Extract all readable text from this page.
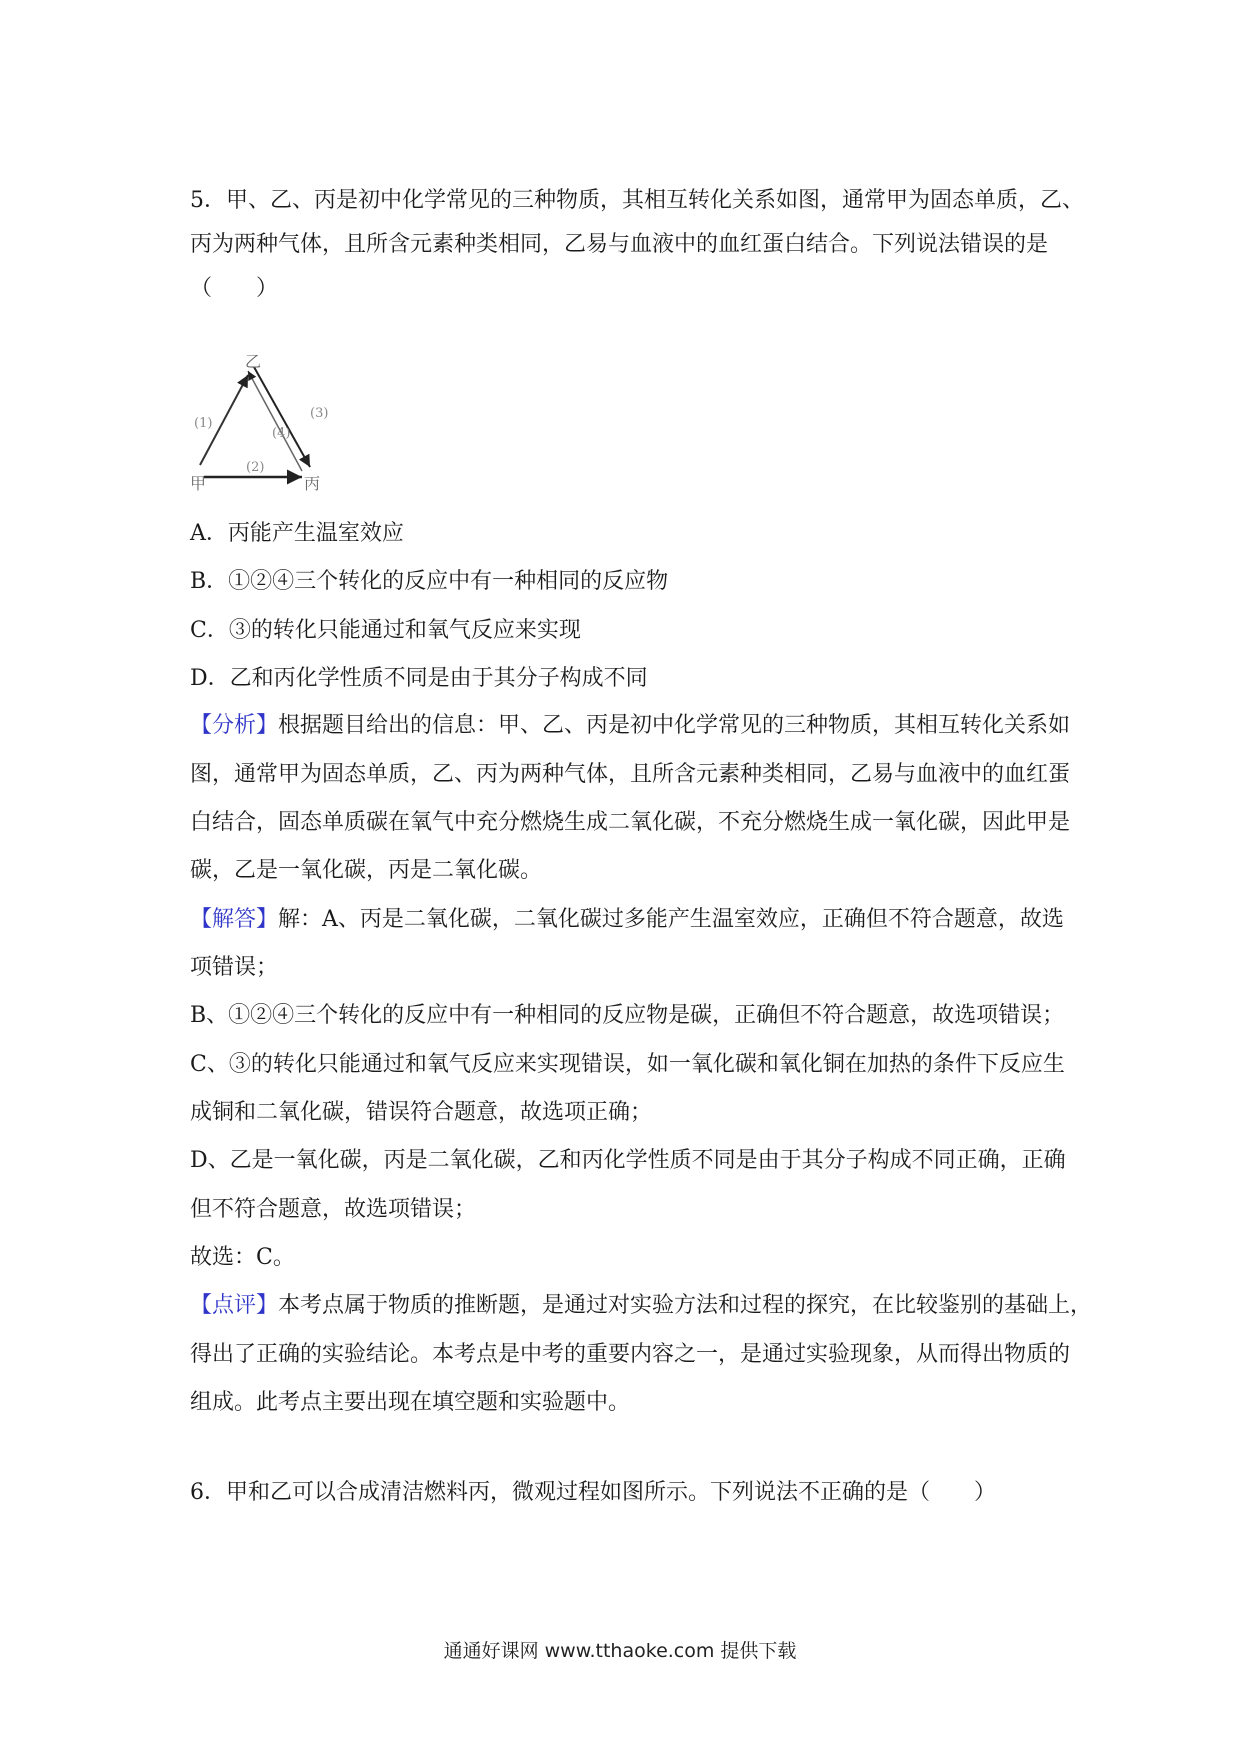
5．甲、乙、丙是初中化学常见的三种物质，其相互转化关系如图，通常甲为固态单质，乙、
丙为两种气体，且所含元素种类相同，乙易与血液中的血红蛋白结合。下列说法错误的是
（　　）
乙
甲	丙
(1)
(2)
(3)
(4)
A．丙能产生温室效应
B．①②④三个转化的反应中有一种相同的反应物
C．③的转化只能通过和氧气反应来实现
D．乙和丙化学性质不同是由于其分子构成不同
【分析】根据题目给出的信息：甲、乙、丙是初中化学常见的三种物质，其相互转化关系如
图，通常甲为固态单质，乙、丙为两种气体，且所含元素种类相同，乙易与血液中的血红蛋
白结合，固态单质碳在氧气中充分燃烧生成二氧化碳，不充分燃烧生成一氧化碳，因此甲是
碳，乙是一氧化碳，丙是二氧化碳。
【解答】解：A、丙是二氧化碳，二氧化碳过多能产生温室效应，正确但不符合题意，故选
项错误；
B、①②④三个转化的反应中有一种相同的反应物是碳，正确但不符合题意，故选项错误；
C、③的转化只能通过和氧气反应来实现错误，如一氧化碳和氧化铜在加热的条件下反应生
成铜和二氧化碳，错误符合题意，故选项正确；
D、乙是一氧化碳，丙是二氧化碳，乙和丙化学性质不同是由于其分子构成不同正确，正确
但不符合题意，故选项错误；
故选：C。
【点评】本考点属于物质的推断题，是通过对实验方法和过程的探究，在比较鉴别的基础上，
得出了正确的实验结论。本考点是中考的重要内容之一，是通过实验现象，从而得出物质的
组成。此考点主要出现在填空题和实验题中。
6．甲和乙可以合成清洁燃料丙，微观过程如图所示。下列说法不正确的是（　　）
通通好课网 www.tthaoke.com 提供下载
